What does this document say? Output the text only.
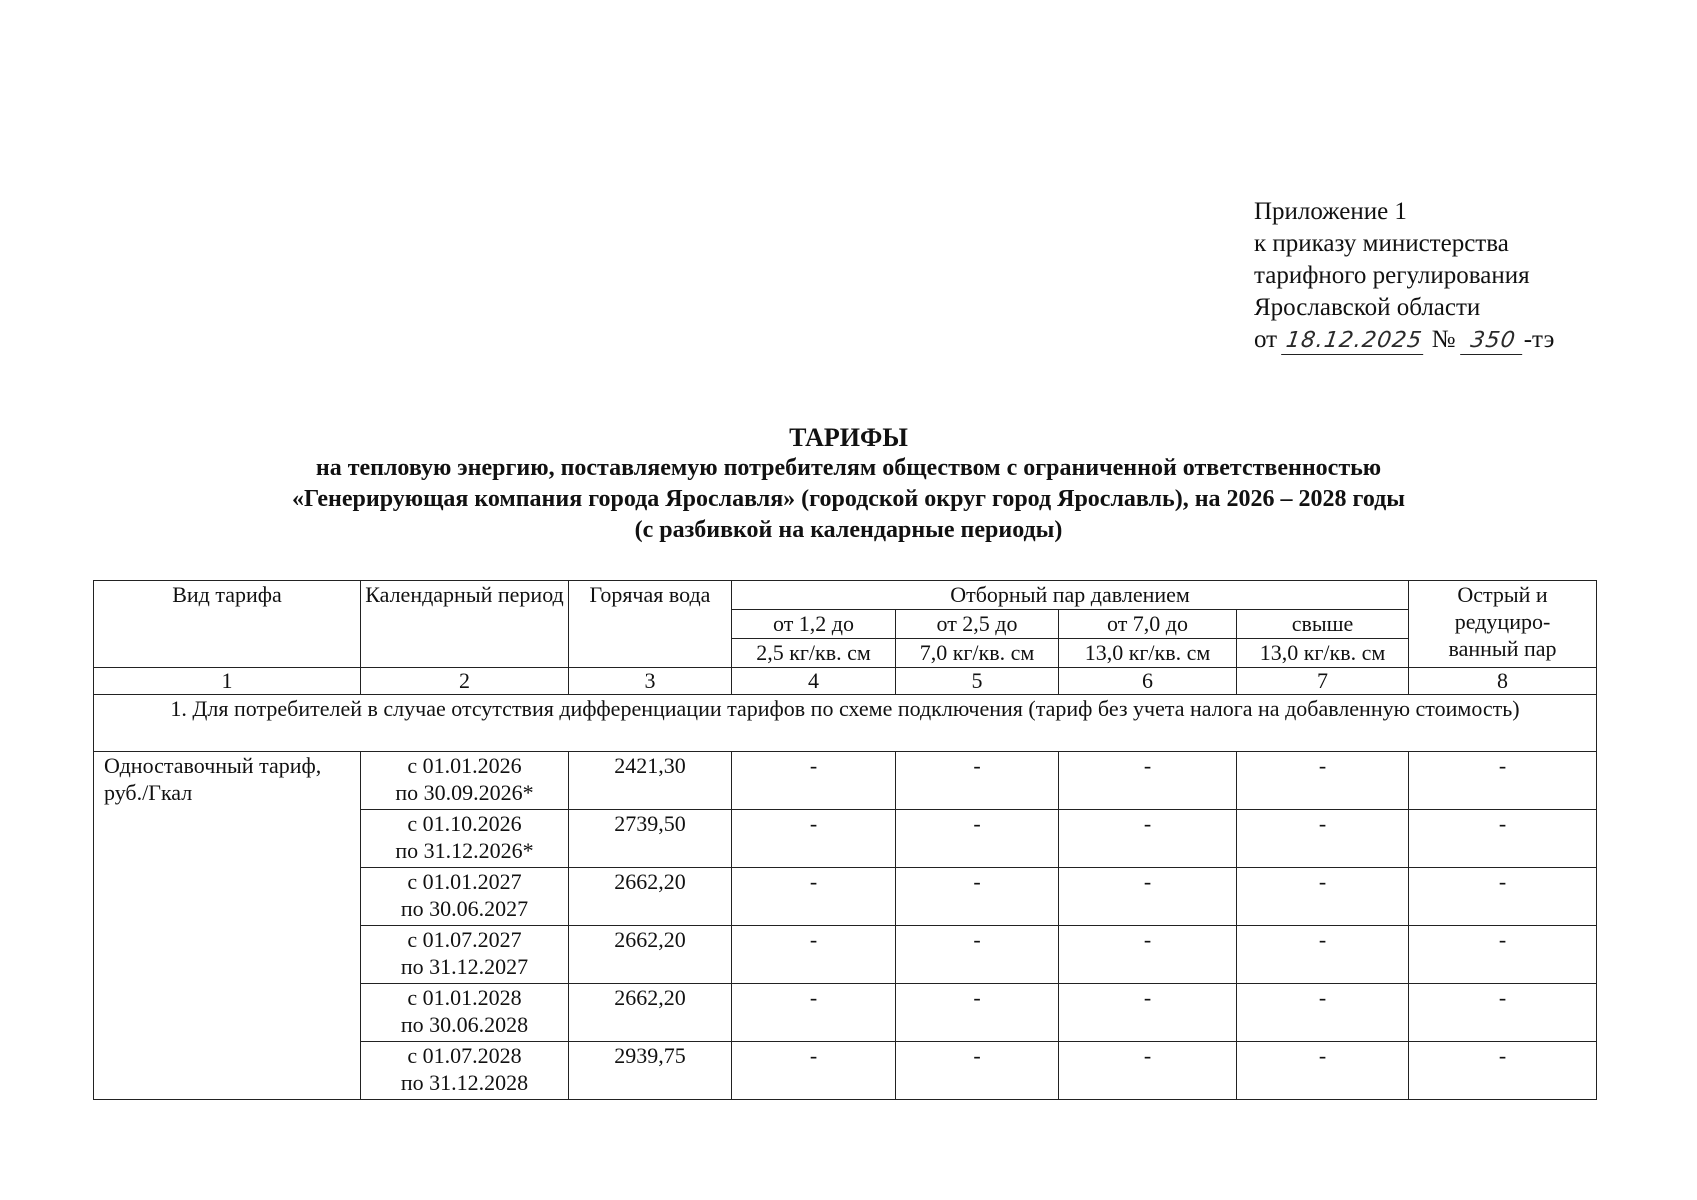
Приложение 1
к приказу министерства
тарифного регулирования
Ярославской области
от 18.12.2025 № 350 -тэ
ТАРИФЫ
на тепловую энергию, поставляемую потребителям обществом с ограниченной ответственностью
«Генерирующая компания города Ярославля» (городской округ город Ярославль), на 2026 – 2028 годы
(с разбивкой на календарные периоды)
Вид тарифа	Календарный период	Горячая вода	Отборный пар давлением				Острый и
редуциро-
ванный пар

			от 1,2 до	от 2,5 до	от 7,0 до	свыше	
			2,5 кг/кв. см	7,0 кг/кв. см	13,0 кг/кв. см	13,0 кг/кв. см	
1	2	3	4	5	6	7	8
1. Для потребителей в случае отсутствия дифференциации тарифов по схеме подключения (тариф без учета налога на добавленную стоимость)							
Одноставочный тариф, руб./Гкал	с 01.01.2026
по 30.09.2026*	2421,30	-	-	-	-	-

	с 01.10.2026
по 31.12.2026*	2739,50	-	-	-	-	-

	с 01.01.2027
по 30.06.2027	2662,20	-	-	-	-	-

	с 01.07.2027
по 31.12.2027	2662,20	-	-	-	-	-

	с 01.01.2028
по 30.06.2028	2662,20	-	-	-	-	-

	с 01.07.2028
по 31.12.2028	2939,75	-	-	-	-	-
